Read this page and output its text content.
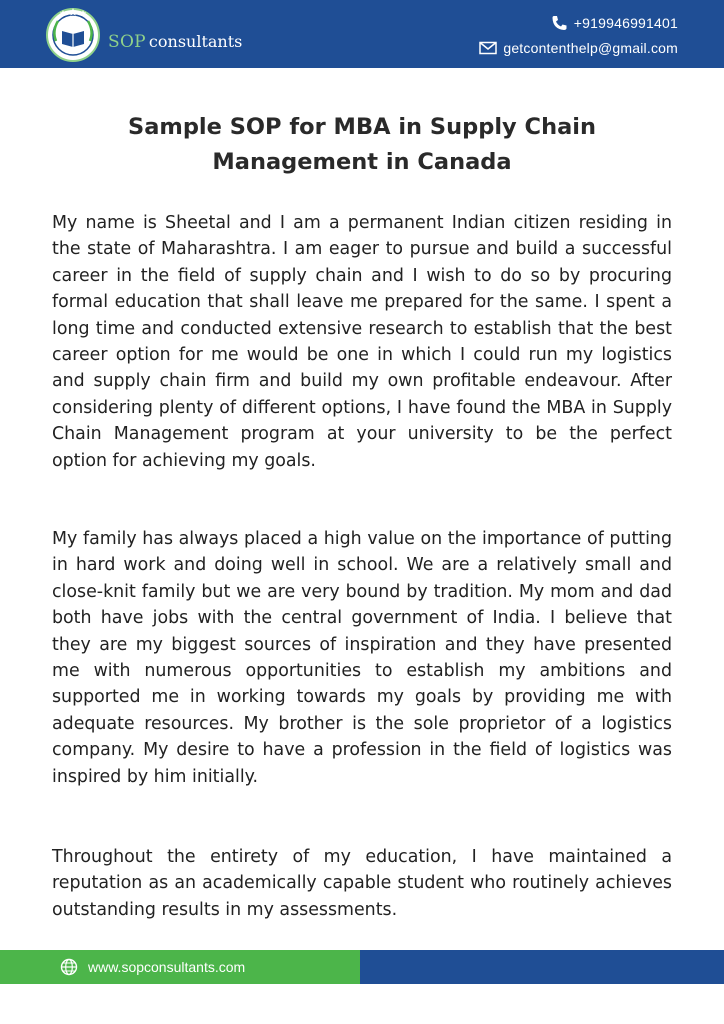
SOP consultants
+919946991401
getcontenthelp@gmail.com
Sample SOP for MBA in Supply Chain
Management in Canada

My name is Sheetal and I am a permanent Indian citizen residing in the state of Maharashtra. I am eager to pursue and build a successful career in the field of supply chain and I wish to do so by procuring formal education that shall leave me prepared for the same. I spent a long time and conducted extensive research to establish that the best career option for me would be one in which I could run my logistics and supply chain firm and build my own profitable endeavour. After considering plenty of different options, I have found the MBA in Supply Chain Management program at your university to be the perfect option for achieving my goals.

My family has always placed a high value on the importance of putting in hard work and doing well in school. We are a relatively small and close-knit family but we are very bound by tradition. My mom and dad both have jobs with the central government of India. I believe that they are my biggest sources of inspiration and they have presented me with numerous opportunities to establish my ambitions and supported me in working towards my goals by providing me with adequate resources. My brother is the sole proprietor of a logistics company. My desire to have a profession in the field of logistics was inspired by him initially.

Throughout the entirety of my education, I have maintained a reputation as an academically capable student who routinely achieves outstanding results in my assessments.

www.sopconsultants.com
